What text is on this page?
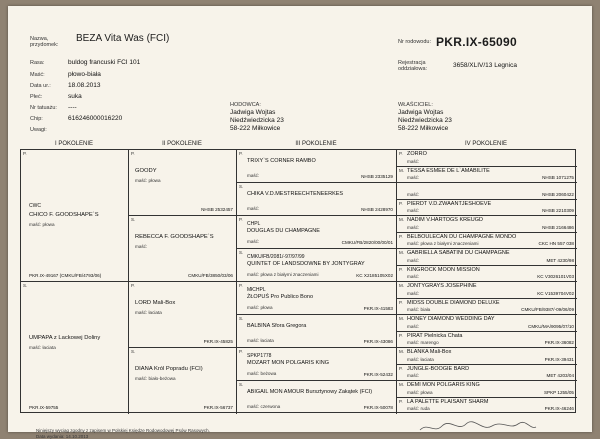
Nazwa,
przydomek:
BEZA Vita Was (FCI)	Nr rodowodu: PKR.IX-65090
Rejestracja
oddziałowa:	3658/XLIV/13 Legnica
Rasa:	buldog francuski FCI 101
Maść:	płowo-biała
Data ur.:	18.08.2013
Płeć:	suka
Nr tatuażu: ----
Chip:	616246000016220
Uwagi:
HODOWCA:
Jadwiga Wojtas
Niedźwiedzicka 23
58-222 Miłkowice
WŁAŚCICIEL:
Jadwiga Wojtas
Niedźwiedzicka 23
58-222 Miłkowice
I POKOLENIE	II POKOLENIE	III POKOLENIE	IV POKOLENIE
P.
CWC
CHICO F. GOODSHAPE`S
maść: płowa
PKR.IX-49167 (CMKU/FB/4793/06)
S.
UMPAPA z Lackowej Doliny
maść: łaciata
PKR.IX-59755
P.
GOODY
maść: płowa
NHSB 2532457
S.
REBECCA F. GOODSHAPE`S
maść:
CMKU/FB/3850/03/06
P.
LORD Mali-Box
maść: łaciata
PKR.IX-45825
S.
DIANA Król Popradu (FCI)
maść: biało-beżowa
PKR.IX-56737
P.
TRIXY`S CORNER RAMBO
maść:	NHSB 2335129
S.
CHIKA V.D.MESTREECHTENEERKES
maść:	NHSB 2428970
P.
CHPL
DOUGLAS DU CHAMPAGNE
maść:	CMKU/FB/2820/00/00/01
S.
CMKU/FB/2081/-97/97/99
QUINTET OF LANDSDOWNE BY JONTYGRAY
maść: płowa z białymi znaczeniami	KC X2185105X02
P.
MłCHPL
ŻŁOPUŚ Pro Publico Bono
maść: płowa	PKR.IX-41583
S.
BALBINA Sfora Gregora
maść: łaciata	PKR.IX-43086
P.
SPKP1778
MOZART MON POLGARIS KING
maść: beżowa	PKR.IX-52432
S.
ABIGAIL MON AMOUR Bursztynowy Zakątek (FCI)
maść: czerwona	PKR.IX-50078
P. ZORRO
maść:
M. TESSA ESMEE DE L`AMABILITE
maść:	NHSB 1071275
maść:	NHSB 2060422
P. PIERDT V.D.ZWAANTJESHOEVE
maść:	NHSB 2210309
M. NADIM V.HARTOGS KREUGD
maść:	NHSB 2166486
P. BELBOULECAN DU CHAMPAGNE MONDO
maść: płowa z białymi znaczeniami	CKC HN 557 038
M. GABRIELLA SABATINI DU CHAMPAGNE
maść:	MET 4230/98
P. KINGROCK MOON MISSION
maść:	KC V3026101V03
M. JONTYGRAYS JOSEPHINE
maść:	KC V1539704V02
P. MIDSS DOUBLE DIAMOND DELUXE
maść: biała	CMKU/FB/9387/-09/06/09
M. HONEY DIAMOND WEDDING DAY
maść:	CMKU/MA/9095/07/10
P. PIRAT Pielnicka Chata
maść: marengo	PKR.IX-36082
M. BLANKA Mali-Box
maść: łaciata	PKR.IX-39431
P. JUNGLE-BOOGIE BARD
maść:	MET 4203/04
M. DEMI MON POLGARIS KING
maść: płowa	SPKP 1255/05
P. LA PALETTE PLAISANT SHARM
maść: ruda	PKR.IX-46246
Niniejszy wyciąg zgodny z zapisem w Polskiej Księdze Rodowodowej Psów Rasowych.
Data wydania: 14.10.2013
